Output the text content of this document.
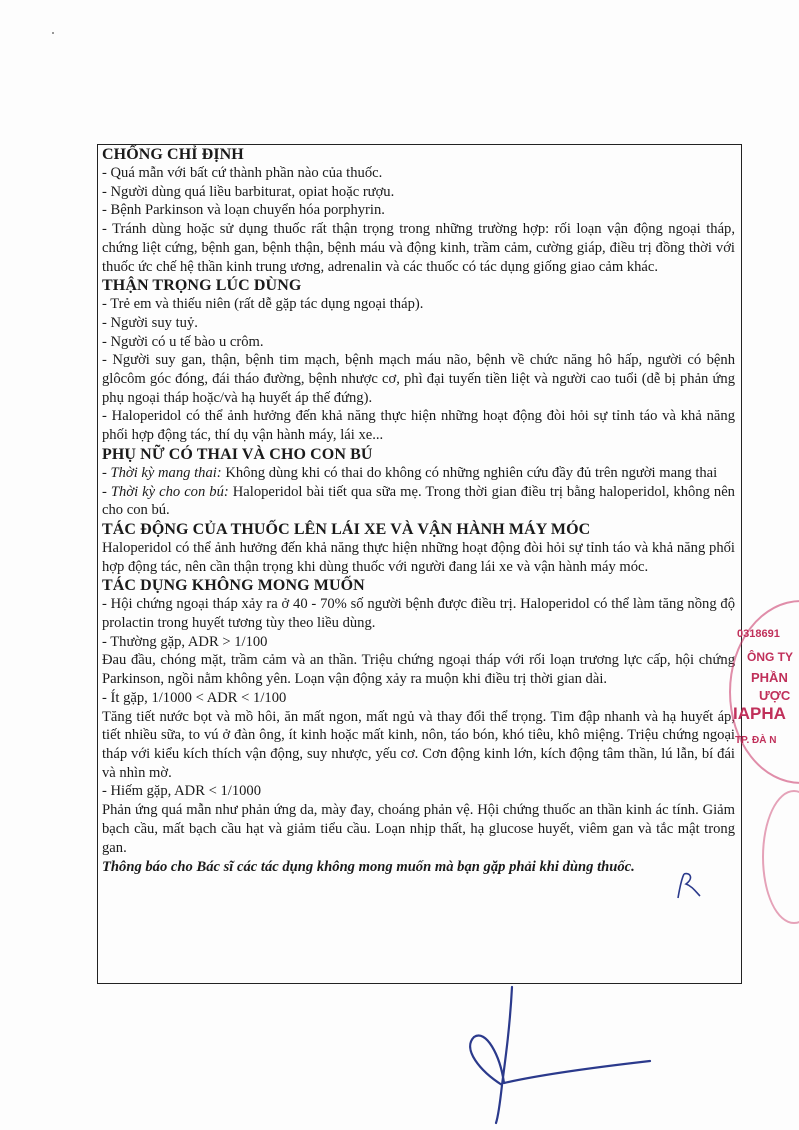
CHỐNG CHỈ ĐỊNH

- Quá mẫn với bất cứ thành phần nào của thuốc.

- Người dùng quá liều barbiturat, opiat hoặc rượu.

- Bệnh Parkinson và loạn chuyển hóa porphyrin.

- Tránh dùng hoặc sử dụng thuốc rất thận trọng trong những trường hợp: rối loạn vận động ngoại tháp, chứng liệt cứng, bệnh gan, bệnh thận, bệnh máu và động kinh, trầm cảm, cường giáp, điều trị đồng thời với thuốc ức chế hệ thần kinh trung ương, adrenalin và các thuốc có tác dụng giống giao cảm khác.

THẬN TRỌNG LÚC DÙNG

- Trẻ em và thiếu niên (rất dễ gặp tác dụng ngoại tháp).

- Người suy tuỷ.

- Người có u tế bào u crôm.

- Người suy gan, thận, bệnh tim mạch, bệnh mạch máu não, bệnh về chức năng hô hấp, người có bệnh glôcôm góc đóng, đái tháo đường, bệnh nhược cơ, phì đại tuyến tiền liệt và người cao tuổi (dễ bị phản ứng phụ ngoại tháp hoặc/và hạ huyết áp thế đứng).

- Haloperidol có thể ảnh hưởng đến khả năng thực hiện những hoạt động đòi hỏi sự tỉnh táo và khả năng phối hợp động tác, thí dụ vận hành máy, lái xe...

PHỤ NỮ CÓ THAI VÀ CHO CON BÚ

- Thời kỳ mang thai: Không dùng khi có thai do không có những nghiên cứu đầy đủ trên người mang thai

- Thời kỳ cho con bú: Haloperidol bài tiết qua sữa mẹ. Trong thời gian điều trị bằng haloperidol, không nên cho con bú.

TÁC ĐỘNG CỦA THUỐC LÊN LÁI XE VÀ VẬN HÀNH MÁY MÓC

Haloperidol có thể ảnh hưởng đến khả năng thực hiện những hoạt động đòi hỏi sự tỉnh táo và khả năng phối hợp động tác, nên cần thận trọng khi dùng thuốc với người đang lái xe và vận hành máy móc.

TÁC DỤNG KHÔNG MONG MUỐN

- Hội chứng ngoại tháp xảy ra ở 40 - 70% số người bệnh được điều trị. Haloperidol có thể làm tăng nồng độ prolactin trong huyết tương tùy theo liều dùng.

- Thường gặp, ADR > 1/100

Đau đầu, chóng mặt, trầm cảm và an thần. Triệu chứng ngoại tháp với rối loạn trương lực cấp, hội chứng Parkinson, ngồi nằm không yên. Loạn vận động xảy ra muộn khi điều trị thời gian dài.

- Ít gặp, 1/1000 < ADR < 1/100

Tăng tiết nước bọt và mồ hôi, ăn mất ngon, mất ngủ và thay đổi thể trọng. Tim đập nhanh và hạ huyết áp, tiết nhiều sữa, to vú ở đàn ông, ít kinh hoặc mất kinh, nôn, táo bón, khó tiêu, khô miệng. Triệu chứng ngoại tháp với kiểu kích thích vận động, suy nhược, yếu cơ. Cơn động kinh lớn, kích động tâm thần, lú lẫn, bí đái và nhìn mờ.

- Hiếm gặp, ADR < 1/1000

Phản ứng quá mẫn như phản ứng da, mày đay, choáng phản vệ. Hội chứng thuốc an thần kinh ác tính. Giảm bạch cầu, mất bạch cầu hạt và giảm tiểu cầu. Loạn nhịp thất, hạ glucose huyết, viêm gan và tắc mật trong gan.

Thông báo cho Bác sĩ các tác dụng không mong muốn mà bạn gặp phải khi dùng thuốc.

0318691
ÔNG TY
PHẦN
ƯỢC
IAPHA
TP. ĐÀ N
